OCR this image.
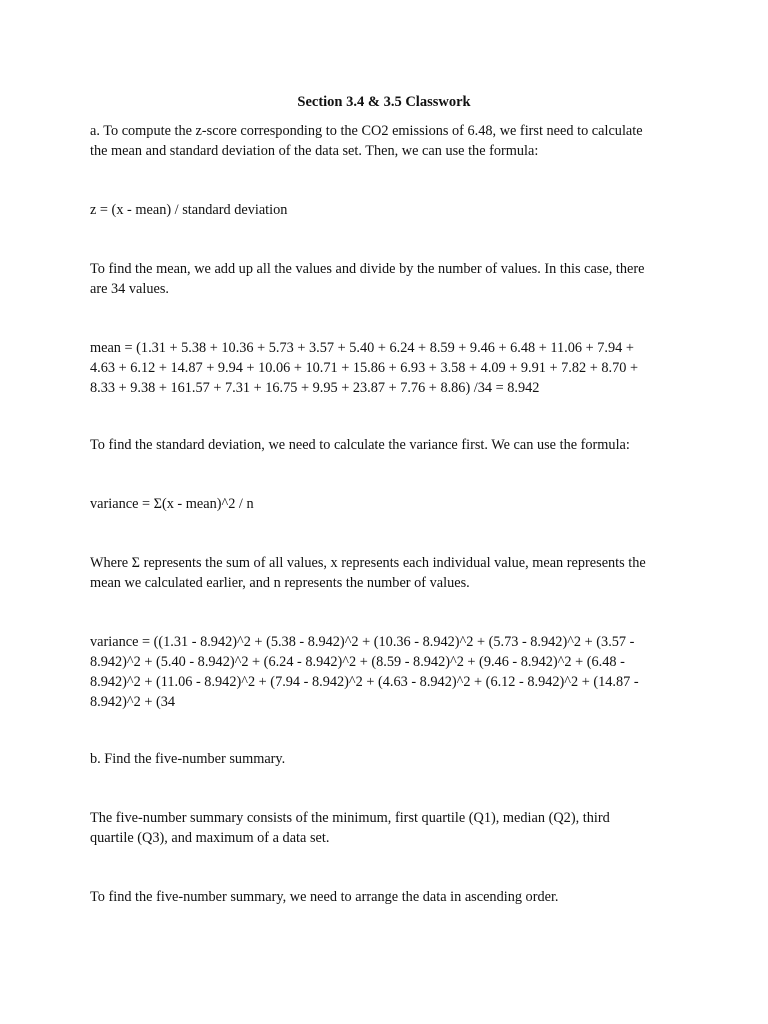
Section 3.4 & 3.5 Classwork

a. To compute the z-score corresponding to the CO2 emissions of 6.48, we first need to calculate
the mean and standard deviation of the data set. Then, we can use the formula:

z = (x - mean) / standard deviation

To find the mean, we add up all the values and divide by the number of values. In this case, there
are 34 values.

mean = (1.31 + 5.38 + 10.36 + 5.73 + 3.57 + 5.40 + 6.24 + 8.59 + 9.46 + 6.48 + 11.06 + 7.94 +
4.63 + 6.12 + 14.87 + 9.94 + 10.06 + 10.71 + 15.86 + 6.93 + 3.58 + 4.09 + 9.91 + 7.82 + 8.70 +
8.33 + 9.38 + 161.57 + 7.31 + 16.75 + 9.95 + 23.87 + 7.76 + 8.86) /34 = 8.942

To find the standard deviation, we need to calculate the variance first. We can use the formula:

variance = Σ(x - mean)^2 / n

Where Σ represents the sum of all values, x represents each individual value, mean represents the
mean we calculated earlier, and n represents the number of values.

variance = ((1.31 - 8.942)^2 + (5.38 - 8.942)^2 + (10.36 - 8.942)^2 + (5.73 - 8.942)^2 + (3.57 -
8.942)^2 + (5.40 - 8.942)^2 + (6.24 - 8.942)^2 + (8.59 - 8.942)^2 + (9.46 - 8.942)^2 + (6.48 -
8.942)^2 + (11.06 - 8.942)^2 + (7.94 - 8.942)^2 + (4.63 - 8.942)^2 + (6.12 - 8.942)^2 + (14.87 -
8.942)^2 + (34

b. Find the five-number summary.

The five-number summary consists of the minimum, first quartile (Q1), median (Q2), third
quartile (Q3), and maximum of a data set.

To find the five-number summary, we need to arrange the data in ascending order.
